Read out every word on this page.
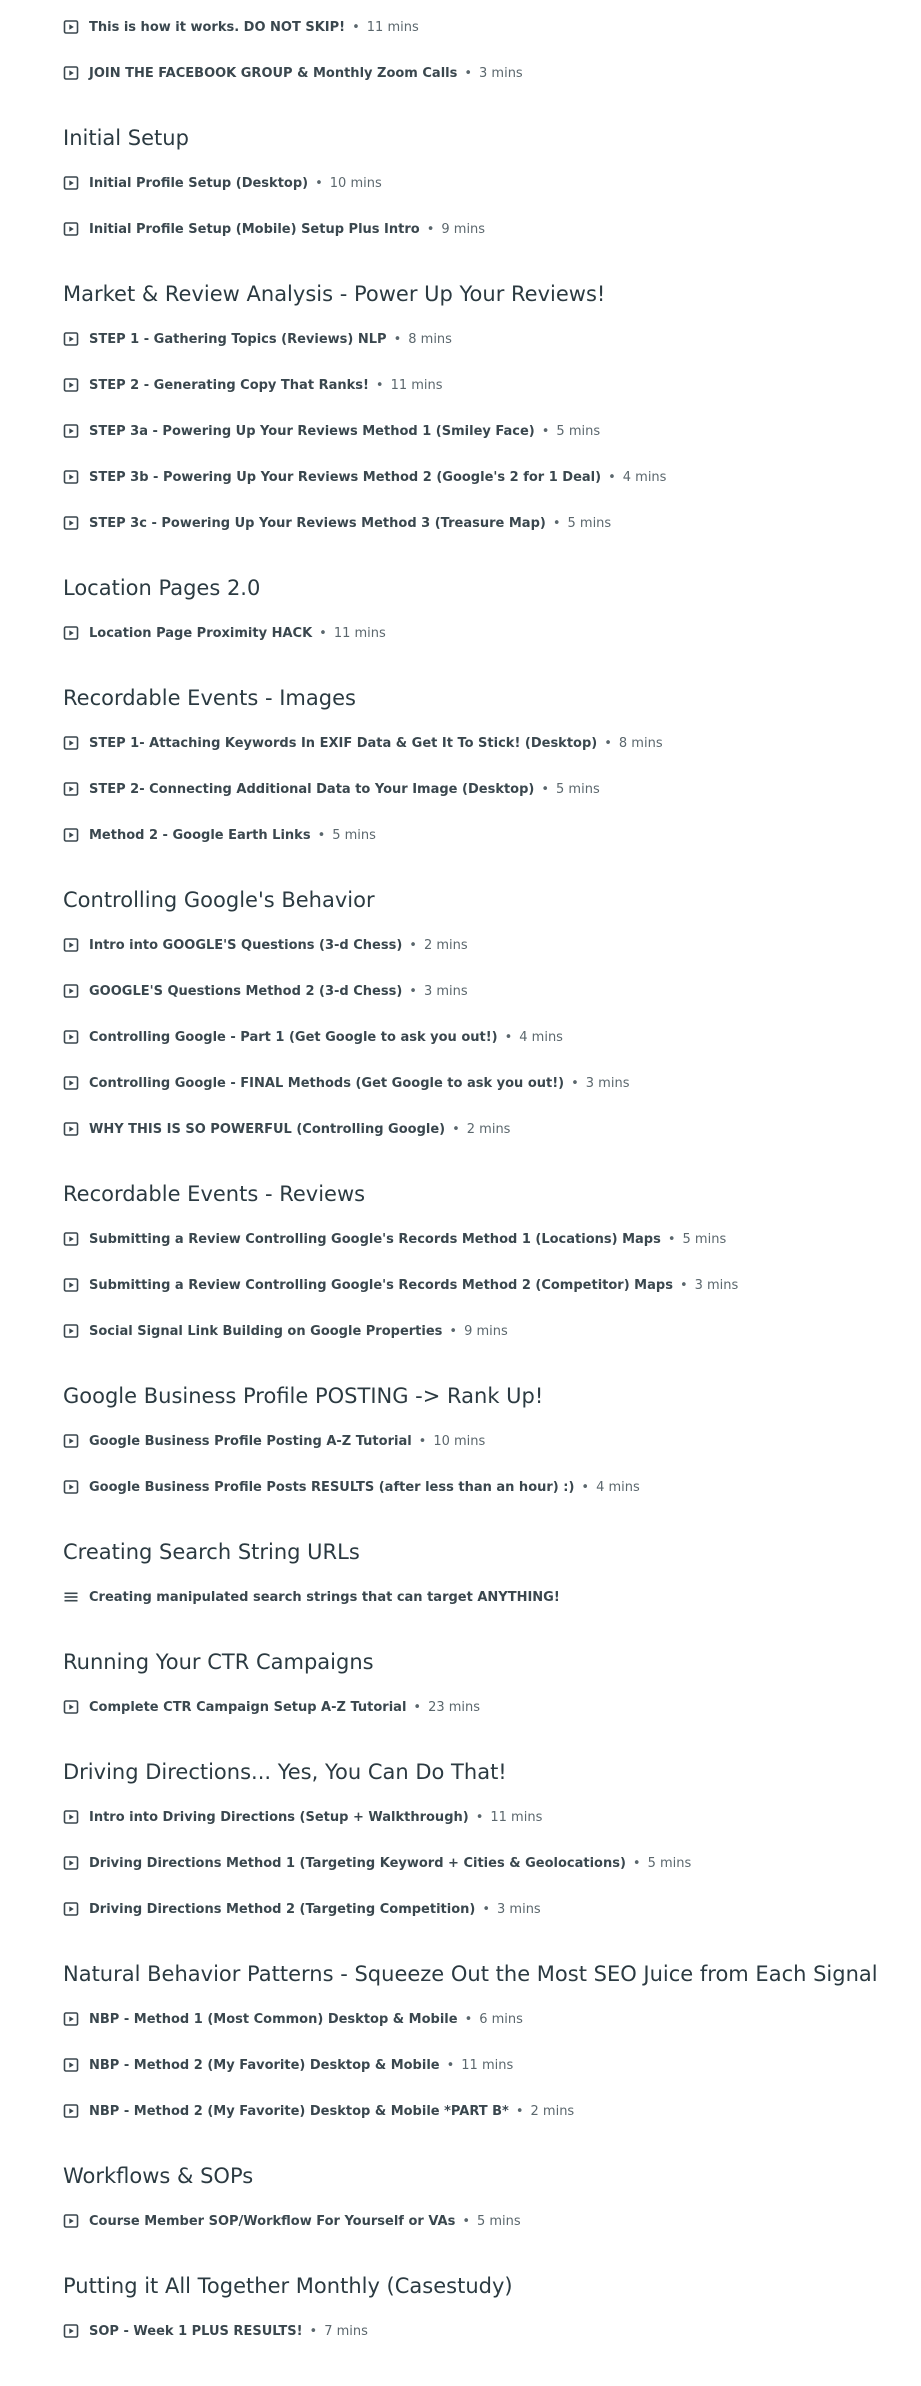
This is how it works. DO NOT SKIP! • 11 mins
JOIN THE FACEBOOK GROUP & Monthly Zoom Calls • 3 mins
Initial Setup
Initial Profile Setup (Desktop) • 10 mins
Initial Profile Setup (Mobile) Setup Plus Intro • 9 mins
Market & Review Analysis - Power Up Your Reviews!
STEP 1 - Gathering Topics (Reviews) NLP • 8 mins
STEP 2 - Generating Copy That Ranks! • 11 mins
STEP 3a - Powering Up Your Reviews Method 1 (Smiley Face) • 5 mins
STEP 3b - Powering Up Your Reviews Method 2 (Google's 2 for 1 Deal) • 4 mins
STEP 3c - Powering Up Your Reviews Method 3 (Treasure Map) • 5 mins
Location Pages 2.0
Location Page Proximity HACK • 11 mins
Recordable Events - Images
STEP 1- Attaching Keywords In EXIF Data & Get It To Stick! (Desktop) • 8 mins
STEP 2- Connecting Additional Data to Your Image (Desktop) • 5 mins
Method 2 - Google Earth Links • 5 mins
Controlling Google's Behavior
Intro into GOOGLE'S Questions (3-d Chess) • 2 mins
GOOGLE'S Questions Method 2 (3-d Chess) • 3 mins
Controlling Google - Part 1 (Get Google to ask you out!) • 4 mins
Controlling Google - FINAL Methods (Get Google to ask you out!) • 3 mins
WHY THIS IS SO POWERFUL (Controlling Google) • 2 mins
Recordable Events - Reviews
Submitting a Review Controlling Google's Records Method 1 (Locations) Maps • 5 mins
Submitting a Review Controlling Google's Records Method 2 (Competitor) Maps • 3 mins
Social Signal Link Building on Google Properties • 9 mins
Google Business Profile POSTING -> Rank Up!
Google Business Profile Posting A-Z Tutorial • 10 mins
Google Business Profile Posts RESULTS (after less than an hour) :) • 4 mins
Creating Search String URLs
Creating manipulated search strings that can target ANYTHING!
Running Your CTR Campaigns
Complete CTR Campaign Setup A-Z Tutorial • 23 mins
Driving Directions... Yes, You Can Do That!
Intro into Driving Directions (Setup + Walkthrough) • 11 mins
Driving Directions Method 1 (Targeting Keyword + Cities & Geolocations) • 5 mins
Driving Directions Method 2 (Targeting Competition) • 3 mins
Natural Behavior Patterns - Squeeze Out the Most SEO Juice from Each Signal
NBP - Method 1 (Most Common) Desktop & Mobile • 6 mins
NBP - Method 2 (My Favorite) Desktop & Mobile • 11 mins
NBP - Method 2 (My Favorite) Desktop & Mobile *PART B* • 2 mins
Workflows & SOPs
Course Member SOP/Workflow For Yourself or VAs • 5 mins
Putting it All Together Monthly (Casestudy)
SOP - Week 1 PLUS RESULTS! • 7 mins
